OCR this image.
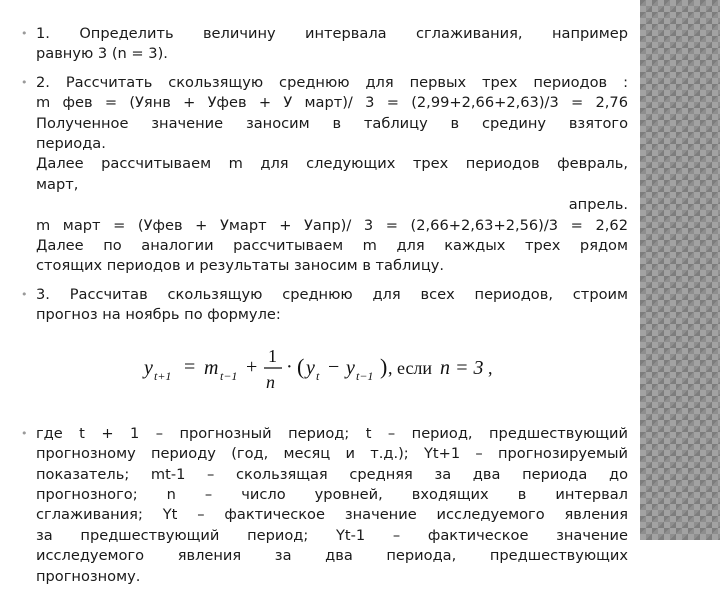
• 1. Определить величину интервала сглаживания, например
равную 3 (n = 3).
• 2. Рассчитать скользящую среднюю для первых трех периодов :
m фев = (Уянв + Уфев + У март)/ 3 = (2,99+2,66+2,63)/3 = 2,76
Полученное значение заносим в таблицу в средину взятого
периода.
Далее рассчитываем m для следующих трех периодов февраль,
март,
апрель.
m март = (Уфев + Умарт + Уапр)/ 3 = (2,66+2,63+2,56)/3 = 2,62
Далее по аналогии рассчитываем m для каждых трех рядом
стоящих периодов и результаты заносим в таблицу.
• 3. Рассчитав скользящую среднюю для всех периодов, строим
прогноз на ноябрь по формуле:
y t+1 = m t−1 + 1
n
· ( y t − y t−1 ) , если n = 3 ,
• где t + 1 – прогнозный период; t – период, предшествующий
прогнозному периоду (год, месяц и т.д.); Yt+1 – прогнозируемый
показатель; mt-1 – скользящая средняя за два периода до
прогнозного; n – число уровней, входящих в интервал
сглаживания; Yt – фактическое значение исследуемого явления
за предшествующий период; Yt-1 – фактическое значение
исследуемого явления за два периода, предшествующих
прогнозному.
